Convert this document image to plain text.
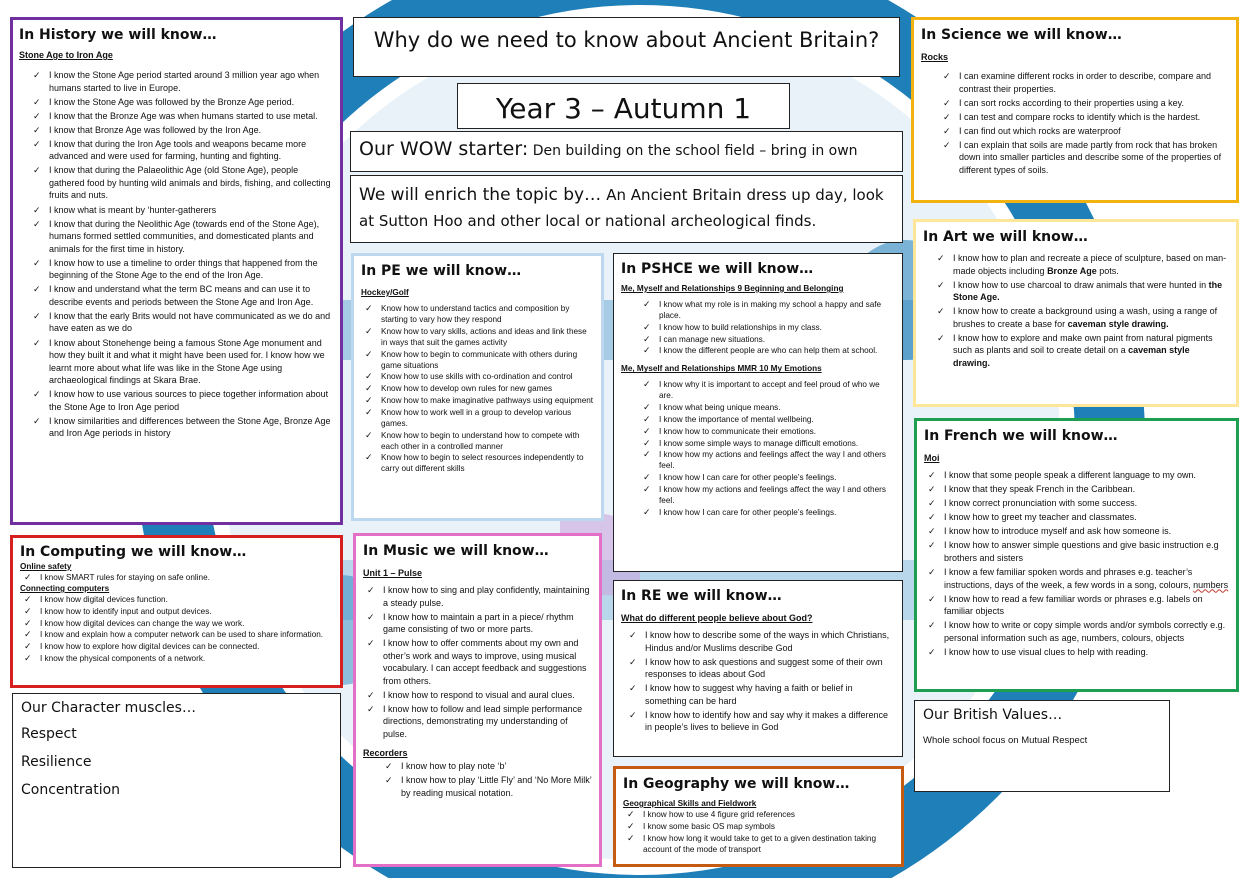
Why do we need to know about Ancient Britain?
Year 3 – Autumn 1
Our WOW starter: Den building on the school field – bring in own
We will enrich the topic by… An Ancient Britain dress up day, look at Sutton Hoo and other local or national archeological finds.
In History we will know…
Stone Age to Iron Age
✓ I know the Stone Age period started around 3 million year ago when humans started to live in Europe.
✓ I know the Stone Age was followed by the Bronze Age period.
✓ I know that the Bronze Age was when humans started to use metal.
✓ I know that Bronze Age was followed by the Iron Age.
✓ I know that during the Iron Age tools and weapons became more advanced and were used for farming, hunting and fighting.
✓ I know that during the Palaeolithic Age (old Stone Age), people gathered food by hunting wild animals and birds, fishing, and collecting fruits and nuts.
✓ I know what is meant by ‘hunter-gatherers
✓ I know that during the Neolithic Age (towards end of the Stone Age), humans formed settled communities, and domesticated plants and animals for the first time in history.
✓ I know how to use a timeline to order things that happened from the beginning of the Stone Age to the end of the Iron Age.
✓ I know and understand what the term BC means and can use it to describe events and periods between the Stone Age and Iron Age.
✓ I know that the early Brits would not have communicated as we do and have eaten as we do
✓ I know about Stonehenge being a famous Stone Age monument and how they built it and what it might have been used for. I know how we learnt more about what life was like in the Stone Age using archaeological findings at Skara Brae.
✓ I know how to use various sources to piece together information about the Stone Age to Iron Age period
✓ I know similarities and differences between the Stone Age, Bronze Age and Iron Age periods in history
In Computing we will know…
Online safety
✓ I know SMART rules for staying on safe online.
Connecting computers
✓ I know how digital devices function.
✓ I know how to identify input and output devices.
✓ I know how digital devices can change the way we work.
✓ I know and explain how a computer network can be used to share information.
✓ I know how to explore how digital devices can be connected.
✓ I know the physical components of a network.
Our Character muscles…
Respect
Resilience
Concentration
In PE we will know…
Hockey/Golf
✓ Know how to understand tactics and composition by starting to vary how they respond
✓ Know how to vary skills, actions and ideas and link these in ways that suit the games activity
✓ Know how to begin to communicate with others during game situations
✓ Know how to use skills with co-ordination and control
✓ Know how to develop own rules for new games
✓ Know how to make imaginative pathways using equipment
✓ Know how to work well in a group to develop various games.
✓ Know how to begin to understand how to compete with each other in a controlled manner
✓ Know how to begin to select resources independently to carry out different skills
In Music we will know…
Unit 1 – Pulse
✓ I know how to sing and play confidently, maintaining a steady pulse.
✓ I know how to maintain a part in a piece/ rhythm game consisting of two or more parts.
✓ I know how to offer comments about my own and other’s work and ways to improve, using musical vocabulary. I can accept feedback and suggestions from others.
✓ I know how to respond to visual and aural clues.
✓ I know how to follow and lead simple performance directions, demonstrating my understanding of pulse.
Recorders
✓ I know how to play note ‘b’
✓ I know how to play ‘Little Fly’ and ‘No More Milk’ by reading musical notation.
In PSHCE we will know…
Me, Myself and Relationships 9 Beginning and Belonging
✓ I know what my role is in making my school a happy and safe place.
✓ I know how to build relationships in my class.
✓ I can manage new situations.
✓ I know the different people are who can help them at school.
Me, Myself and Relationships MMR 10 My Emotions
✓ I know why it is important to accept and feel proud of who we are.
✓ I know what being unique means.
✓ I know the importance of mental wellbeing.
✓ I know how to communicate their emotions.
✓ I know some simple ways to manage difficult emotions.
✓ I know how my actions and feelings affect the way I and others feel.
✓ I know how I can care for other people’s feelings.
✓ I know how my actions and feelings affect the way I and others feel.
✓ I know how I can care for other people’s feelings.
In RE we will know…
What do different people believe about God?
✓ I know how to describe some of the ways in which Christians, Hindus and/or Muslims describe God
✓ I know how to ask questions and suggest some of their own responses to ideas about God
✓ I know how to suggest why having a faith or belief in something can be hard
✓ I know how to identify how and say why it makes a difference in people’s lives to believe in God
In Geography we will know…
Geographical Skills and Fieldwork
✓ I know how to use 4 figure grid references
✓ I know some basic OS map symbols
✓ I know how long it would take to get to a given destination taking account of the mode of transport
In Science we will know…
Rocks
✓ I can examine different rocks in order to describe, compare and contrast their properties.
✓ I can sort rocks according to their properties using a key.
✓ I can test and compare rocks to identify which is the hardest.
✓ I can find out which rocks are waterproof
✓ I can explain that soils are made partly from rock that has broken down into smaller particles and describe some of the properties of different types of soils.
In Art we will know…
✓ I know how to plan and recreate a piece of sculpture, based on man-made objects including Bronze Age pots.
✓ I know how to use charcoal to draw animals that were hunted in the Stone Age.
✓ I know how to create a background using a wash, using a range of brushes to create a base for caveman style drawing.
✓ I know how to explore and make own paint from natural pigments such as plants and soil to create detail on a caveman style drawing.
In French we will know…
Moi
✓ I know that some people speak a different language to my own.
✓ I know that they speak French in the Caribbean.
✓ I know correct pronunciation with some success.
✓ I know how to greet my teacher and classmates.
✓ I know how to introduce myself and ask how someone is.
✓ I know how to answer simple questions and give basic instruction e.g brothers and sisters
✓ I know a few familiar spoken words and phrases e.g. teacher’s instructions, days of the week, a few words in a song, colours, numbers
✓ I know how to read a few familiar words or phrases e.g. labels on familiar objects
✓ I know how to write or copy simple words and/or symbols correctly e.g. personal information such as age, numbers, colours, objects
✓ I know how to use visual clues to help with reading.
Our British Values…
Whole school focus on Mutual Respect
